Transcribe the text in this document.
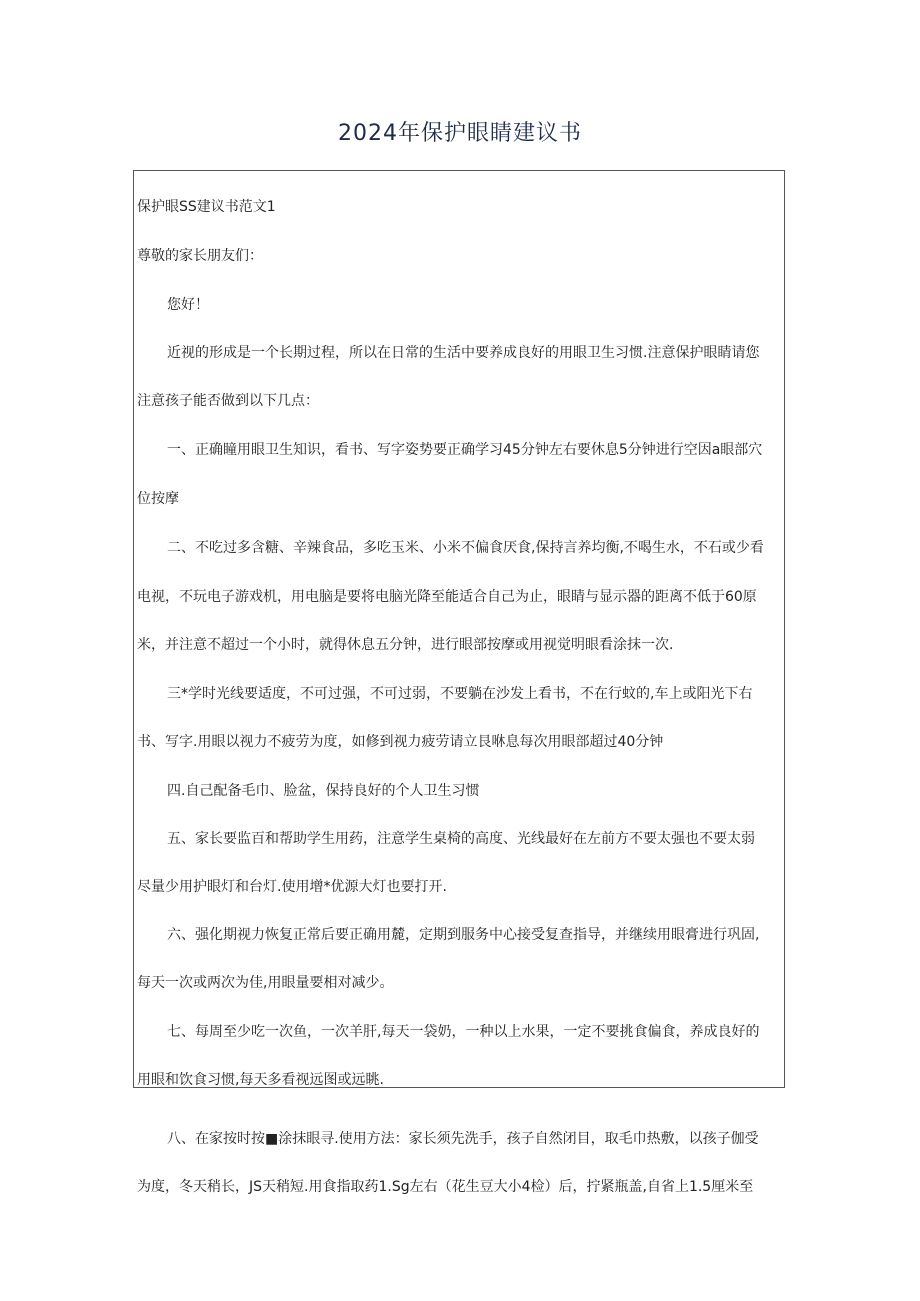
2024年保护眼睛建议书
保护眼SS建议书范文1
尊敬的家长朋友们：
您好！
近视的形成是一个长期过程，所以在日常的生活中要养成良好的用眼卫生习惯.注意保护眼睛请您
注意孩子能否做到以下几点：
一、正确瞳用眼卫生知识，看书、写字姿势要正确学习45分钟左右要休息5分钟进行空因a眼部穴
位按摩
二、不吃过多含糖、辛辣食品，多吃玉米、小米不偏食厌食,保持言养均衡,不喝生水，不石或少看
电视，不玩电子游戏机，用电脑是要将电脑光降至能适合自己为止，眼睛与显示器的距离不低于60原
米，并注意不超过一个小时，就得休息五分钟，进行眼部按摩或用视觉明眼看涂抹一次.
三*学时光线要适度，不可过强，不可过弱，不要躺在沙发上看书，不在行蚊的,车上或阳光下右
书、写字.用眼以视力不疲劳为度，如修到视力疲劳请立艮咻息每次用眼部超过40分钟
四.自己配备毛巾、脸盆，保持良好的个人卫生习惯
五、家长要监百和帮助学生用药，注意学生桌椅的高度、光线最好在左前方不要太强也不要太弱
尽量少用护眼灯和台灯.使用增*优源大灯也要打开.
六、强化期视力恢复正常后要正确用麓，定期到服务中心接受复查指导，并继续用眼膏进行巩固,
每天一次或两次为佳,用眼量要相对减少。
七、每周至少吃一次鱼，一次羊肝,每天一袋奶，一种以上水果，一定不要挑食偏食，养成良好的
用眼和饮食习惯,每天多看视远图或远眺.
八、在家按时按■涂抹眼寻.使用方法：家长须先洗手，孩子自然闭目，取毛巾热敷，以孩子伽受
为度，冬天稍长，JS天稍短.用食指取药1.Sg左右（花生豆大小4检）后，拧紧瓶盖,自省上1.5厘米至
